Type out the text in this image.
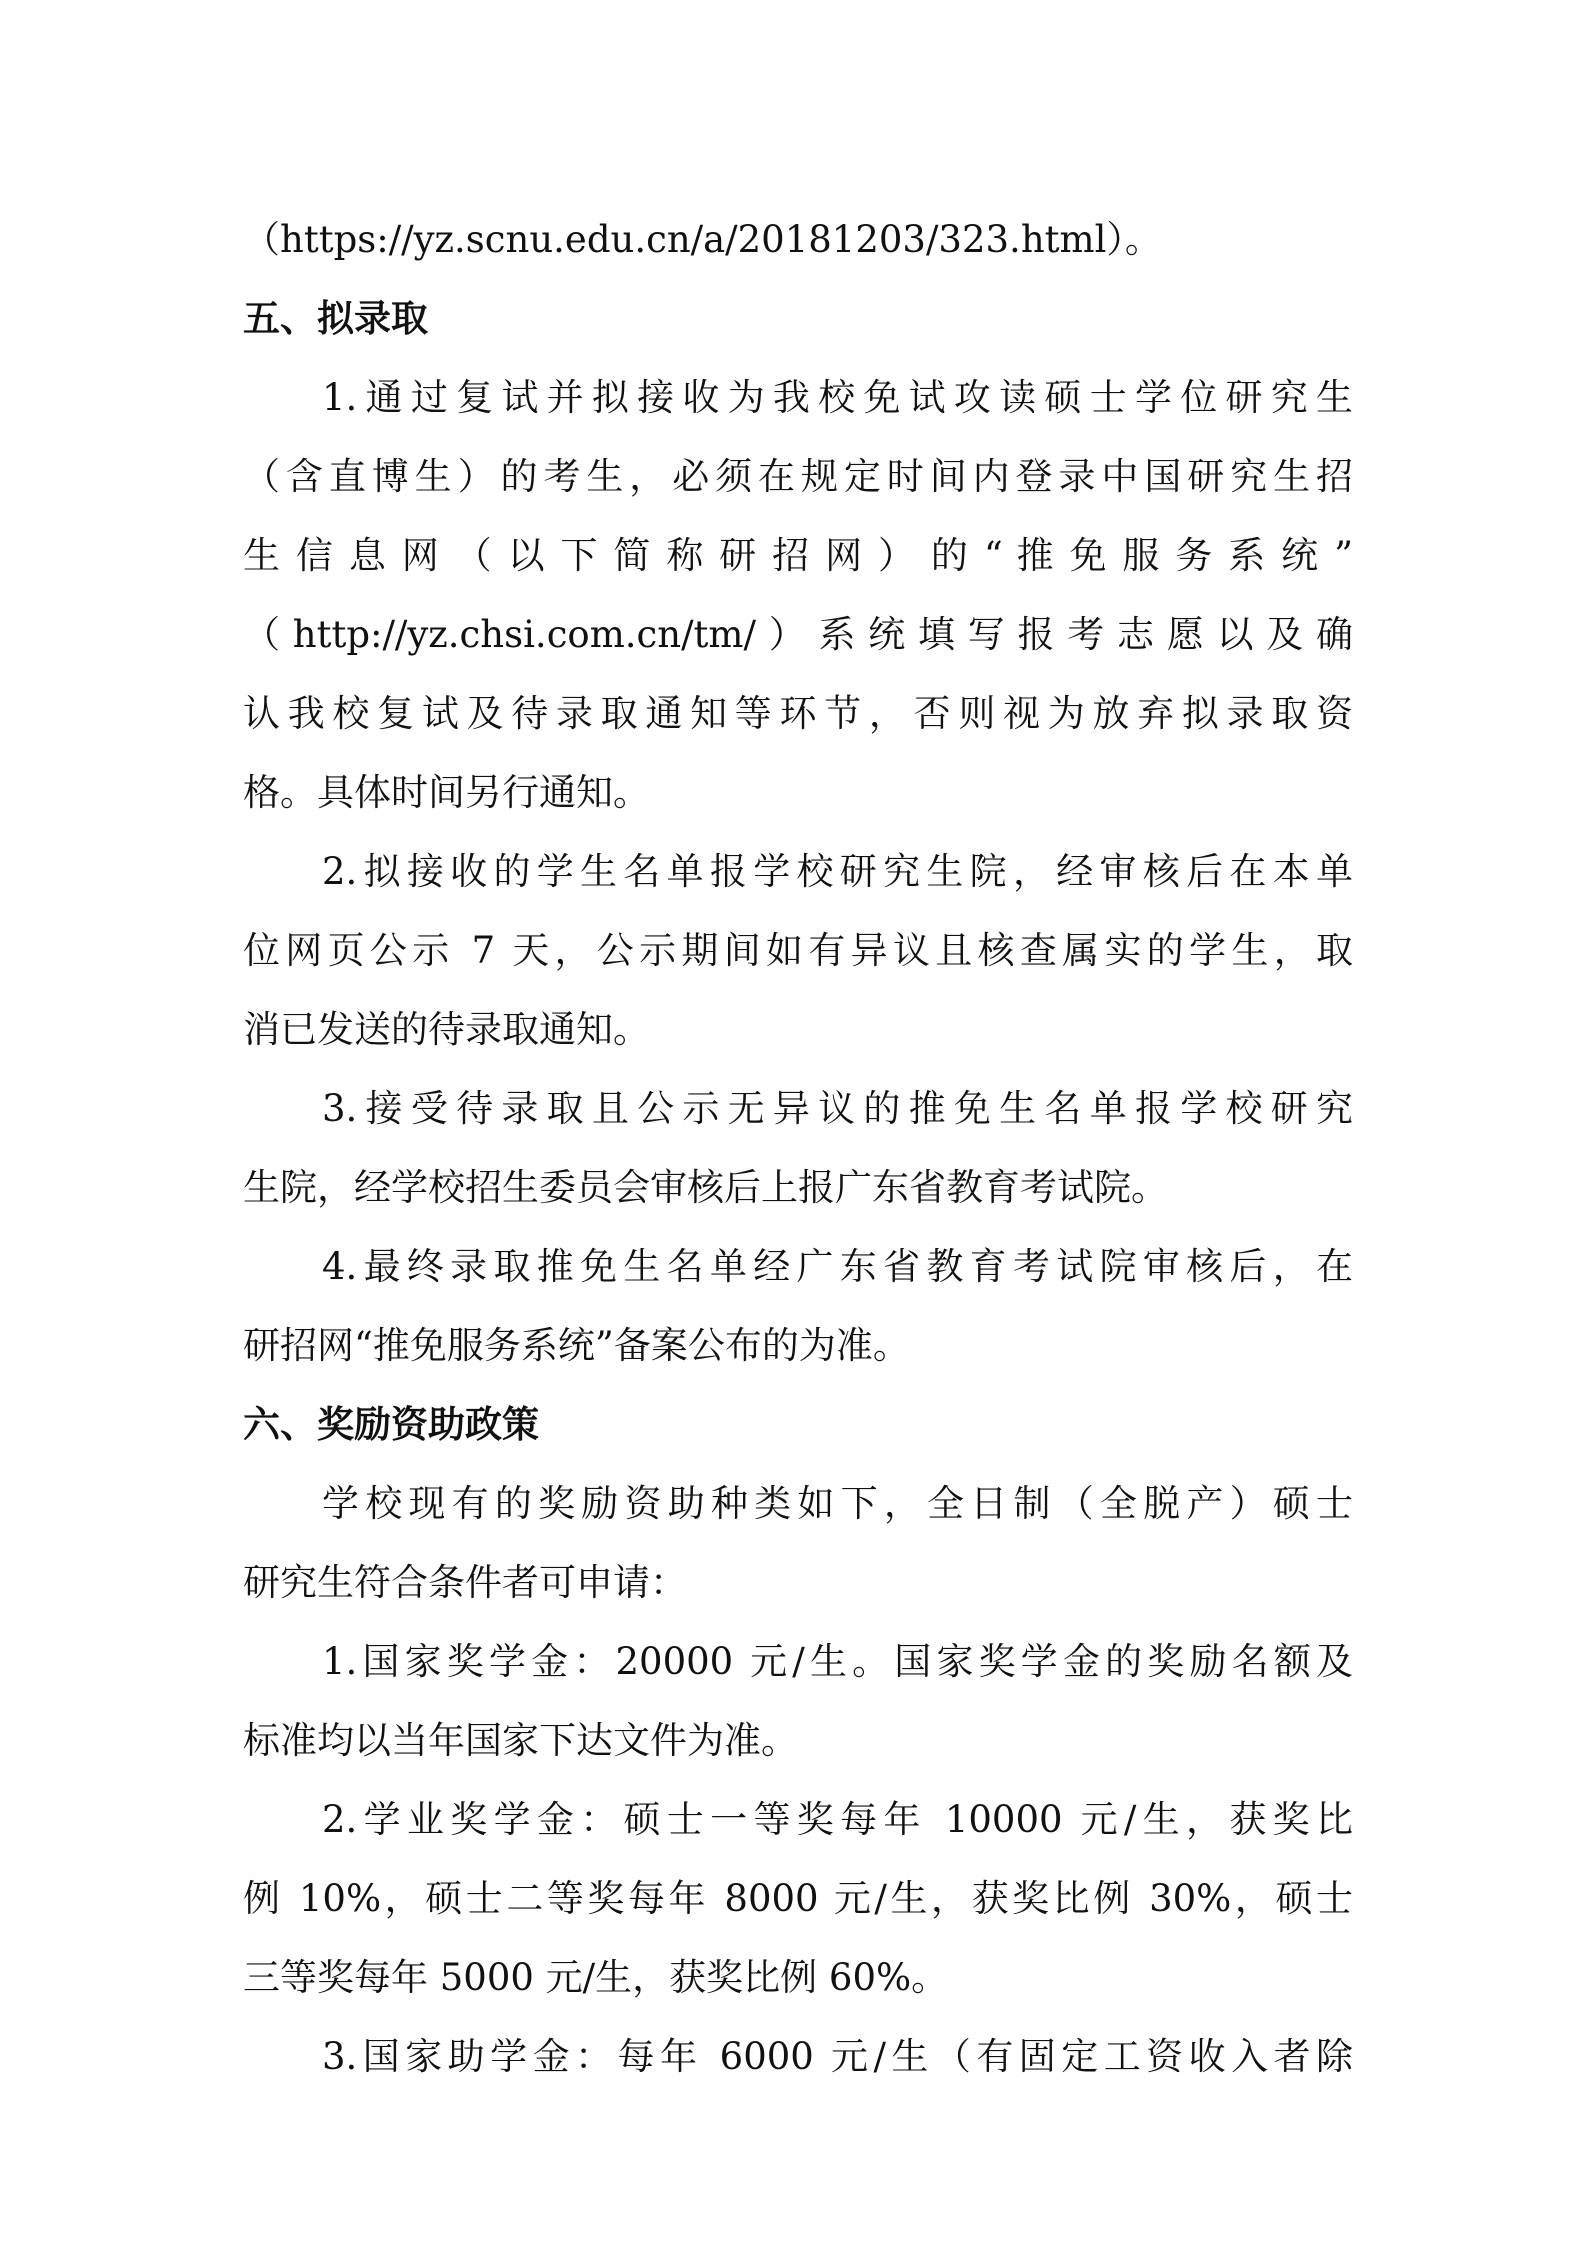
（https://yz.scnu.edu.cn/a/20181203/323.html）。
五、拟录取
1.通过复试并拟接收为我校免试攻读硕士学位研究生
（含直博生）的考生，必须在规定时间内登录中国研究生招
生 信 息 网 （ 以 下 简 称 研 招 网 ） 的 “ 推 免 服 务 系 统 ”
（http://yz.chsi.com.cn/tm/）系统填写报考志愿以及确
认我校复试及待录取通知等环节，否则视为放弃拟录取资
格。具体时间另行通知。
2.拟接收的学生名单报学校研究生院，经审核后在本单
位网页公示 7 天，公示期间如有异议且核查属实的学生，取
消已发送的待录取通知。
3.接受待录取且公示无异议的推免生名单报学校研究
生院，经学校招生委员会审核后上报广东省教育考试院。
4.最终录取推免生名单经广东省教育考试院审核后，在
研招网“推免服务系统”备案公布的为准。
六、奖励资助政策
学校现有的奖励资助种类如下，全日制（全脱产）硕士
研究生符合条件者可申请：
1.国家奖学金：20000 元/生。国家奖学金的奖励名额及
标准均以当年国家下达文件为准。
2.学业奖学金：硕士一等奖每年 10000 元/生，获奖比
例 10%，硕士二等奖每年 8000 元/生，获奖比例 30%，硕士
三等奖每年 5000 元/生，获奖比例 60%。
3.国家助学金：每年 6000 元/生（有固定工资收入者除
